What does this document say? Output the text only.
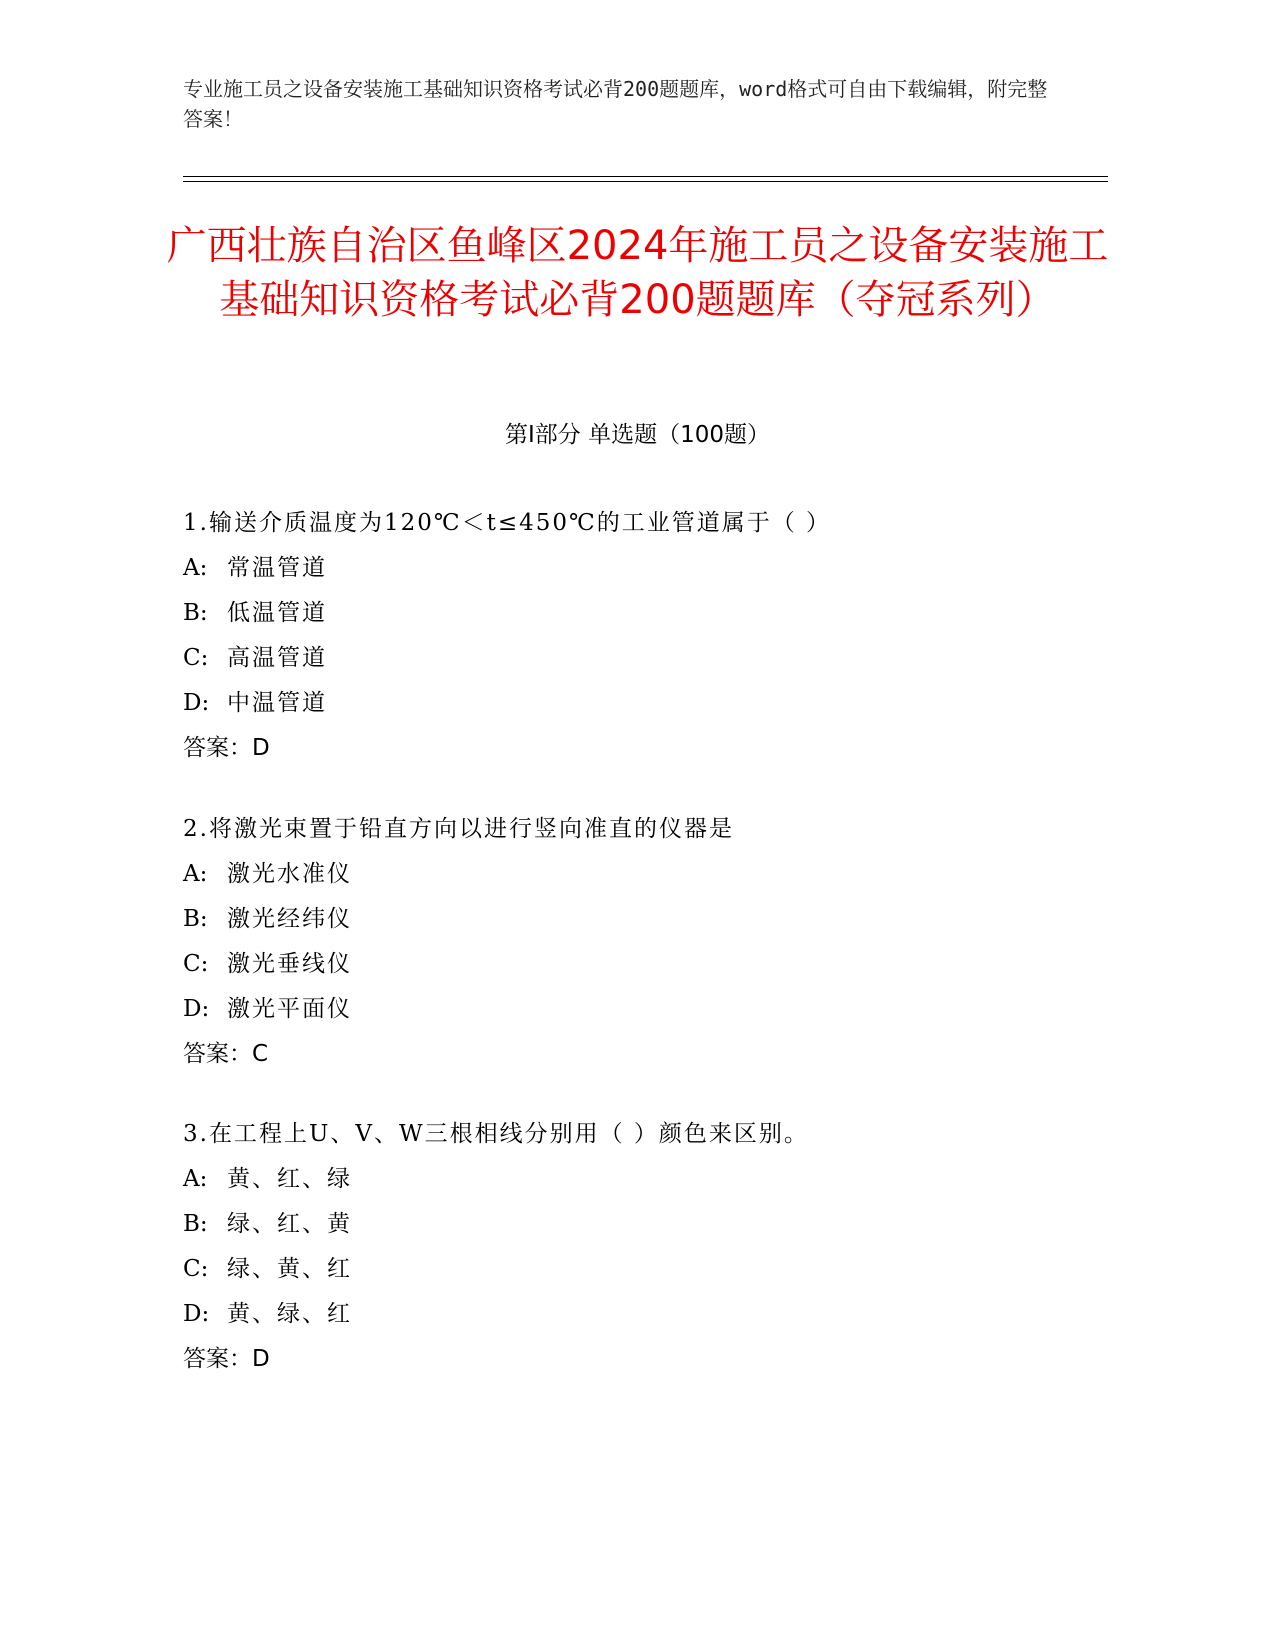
专业施工员之设备安装施工基础知识资格考试必背200题题库，word格式可自由下载编辑，附完整答案！
广西壮族自治区鱼峰区2024年施工员之设备安装施工基础知识资格考试必背200题题库（夺冠系列）
第I部分 单选题（100题）
1.输送介质温度为120℃＜t≤450℃的工业管道属于（ ）
A: 常温管道
B: 低温管道
C: 高温管道
D: 中温管道
答案：D
2.将激光束置于铅直方向以进行竖向准直的仪器是
A: 激光水准仪
B: 激光经纬仪
C: 激光垂线仪
D: 激光平面仪
答案：C
3.在工程上U、V、W三根相线分别用（ ）颜色来区别。
A: 黄、红、绿
B: 绿、红、黄
C: 绿、黄、红
D: 黄、绿、红
答案：D
